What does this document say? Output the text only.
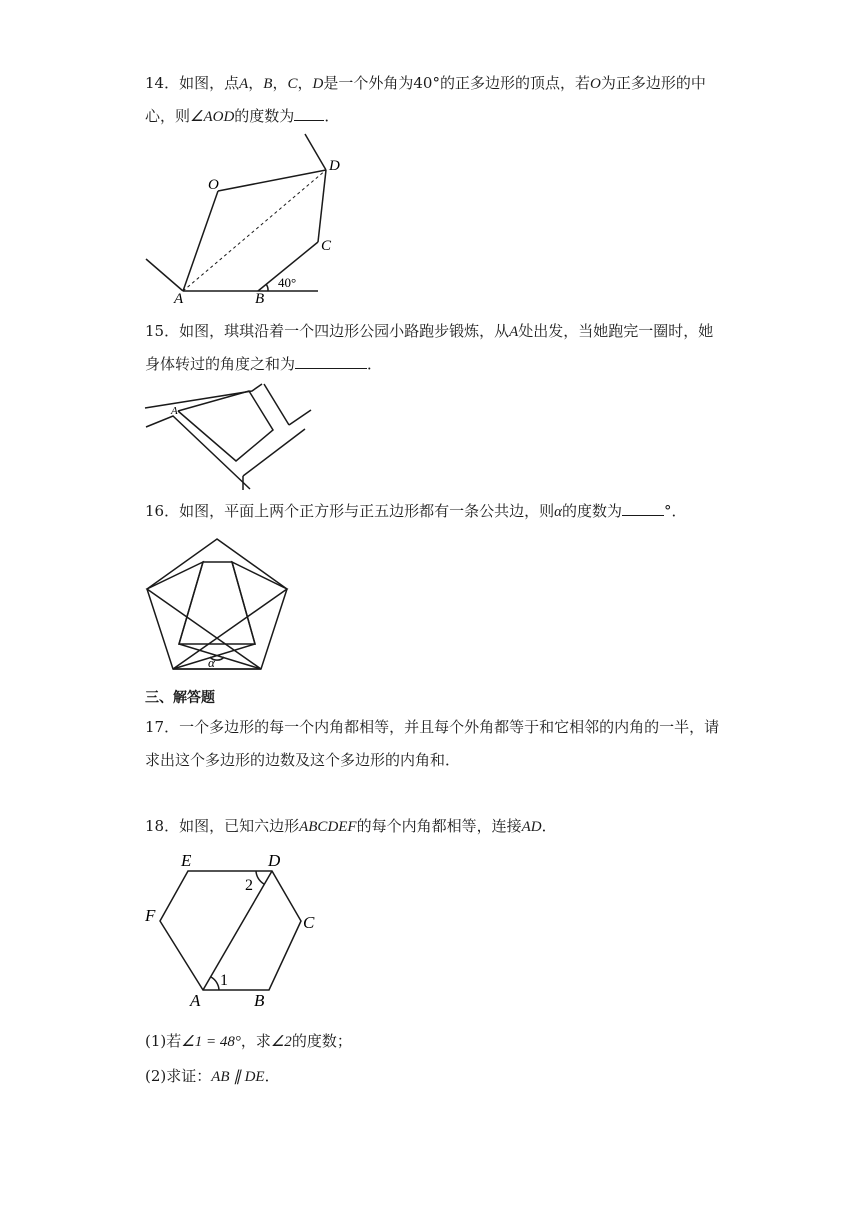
14．如图，点A，B，C，D是一个外角为40°的正多边形的顶点，若O为正多边形的中
心，则∠AOD的度数为 ．
O
D
C
A	B
40°
15．如图，琪琪沿着一个四边形公园小路跑步锻炼，从A处出发，当她跑完一圈时，她
身体转过的角度之和为	．
A
16．如图，平面上两个正方形与正五边形都有一条公共边，则α的度数为	°．
α
三、解答题
17．一个多边形的每一个内角都相等，并且每个外角都等于和它相邻的内角的一半，请
求出这个多边形的边数及这个多边形的内角和．
18．如图，已知六边形ABCDEF的每个内角都相等，连接AD．
E	D
F	C
A	B
1
2
(1)若∠1 = 48°，求∠2的度数；
(2)求证：AB ∥ DE．
